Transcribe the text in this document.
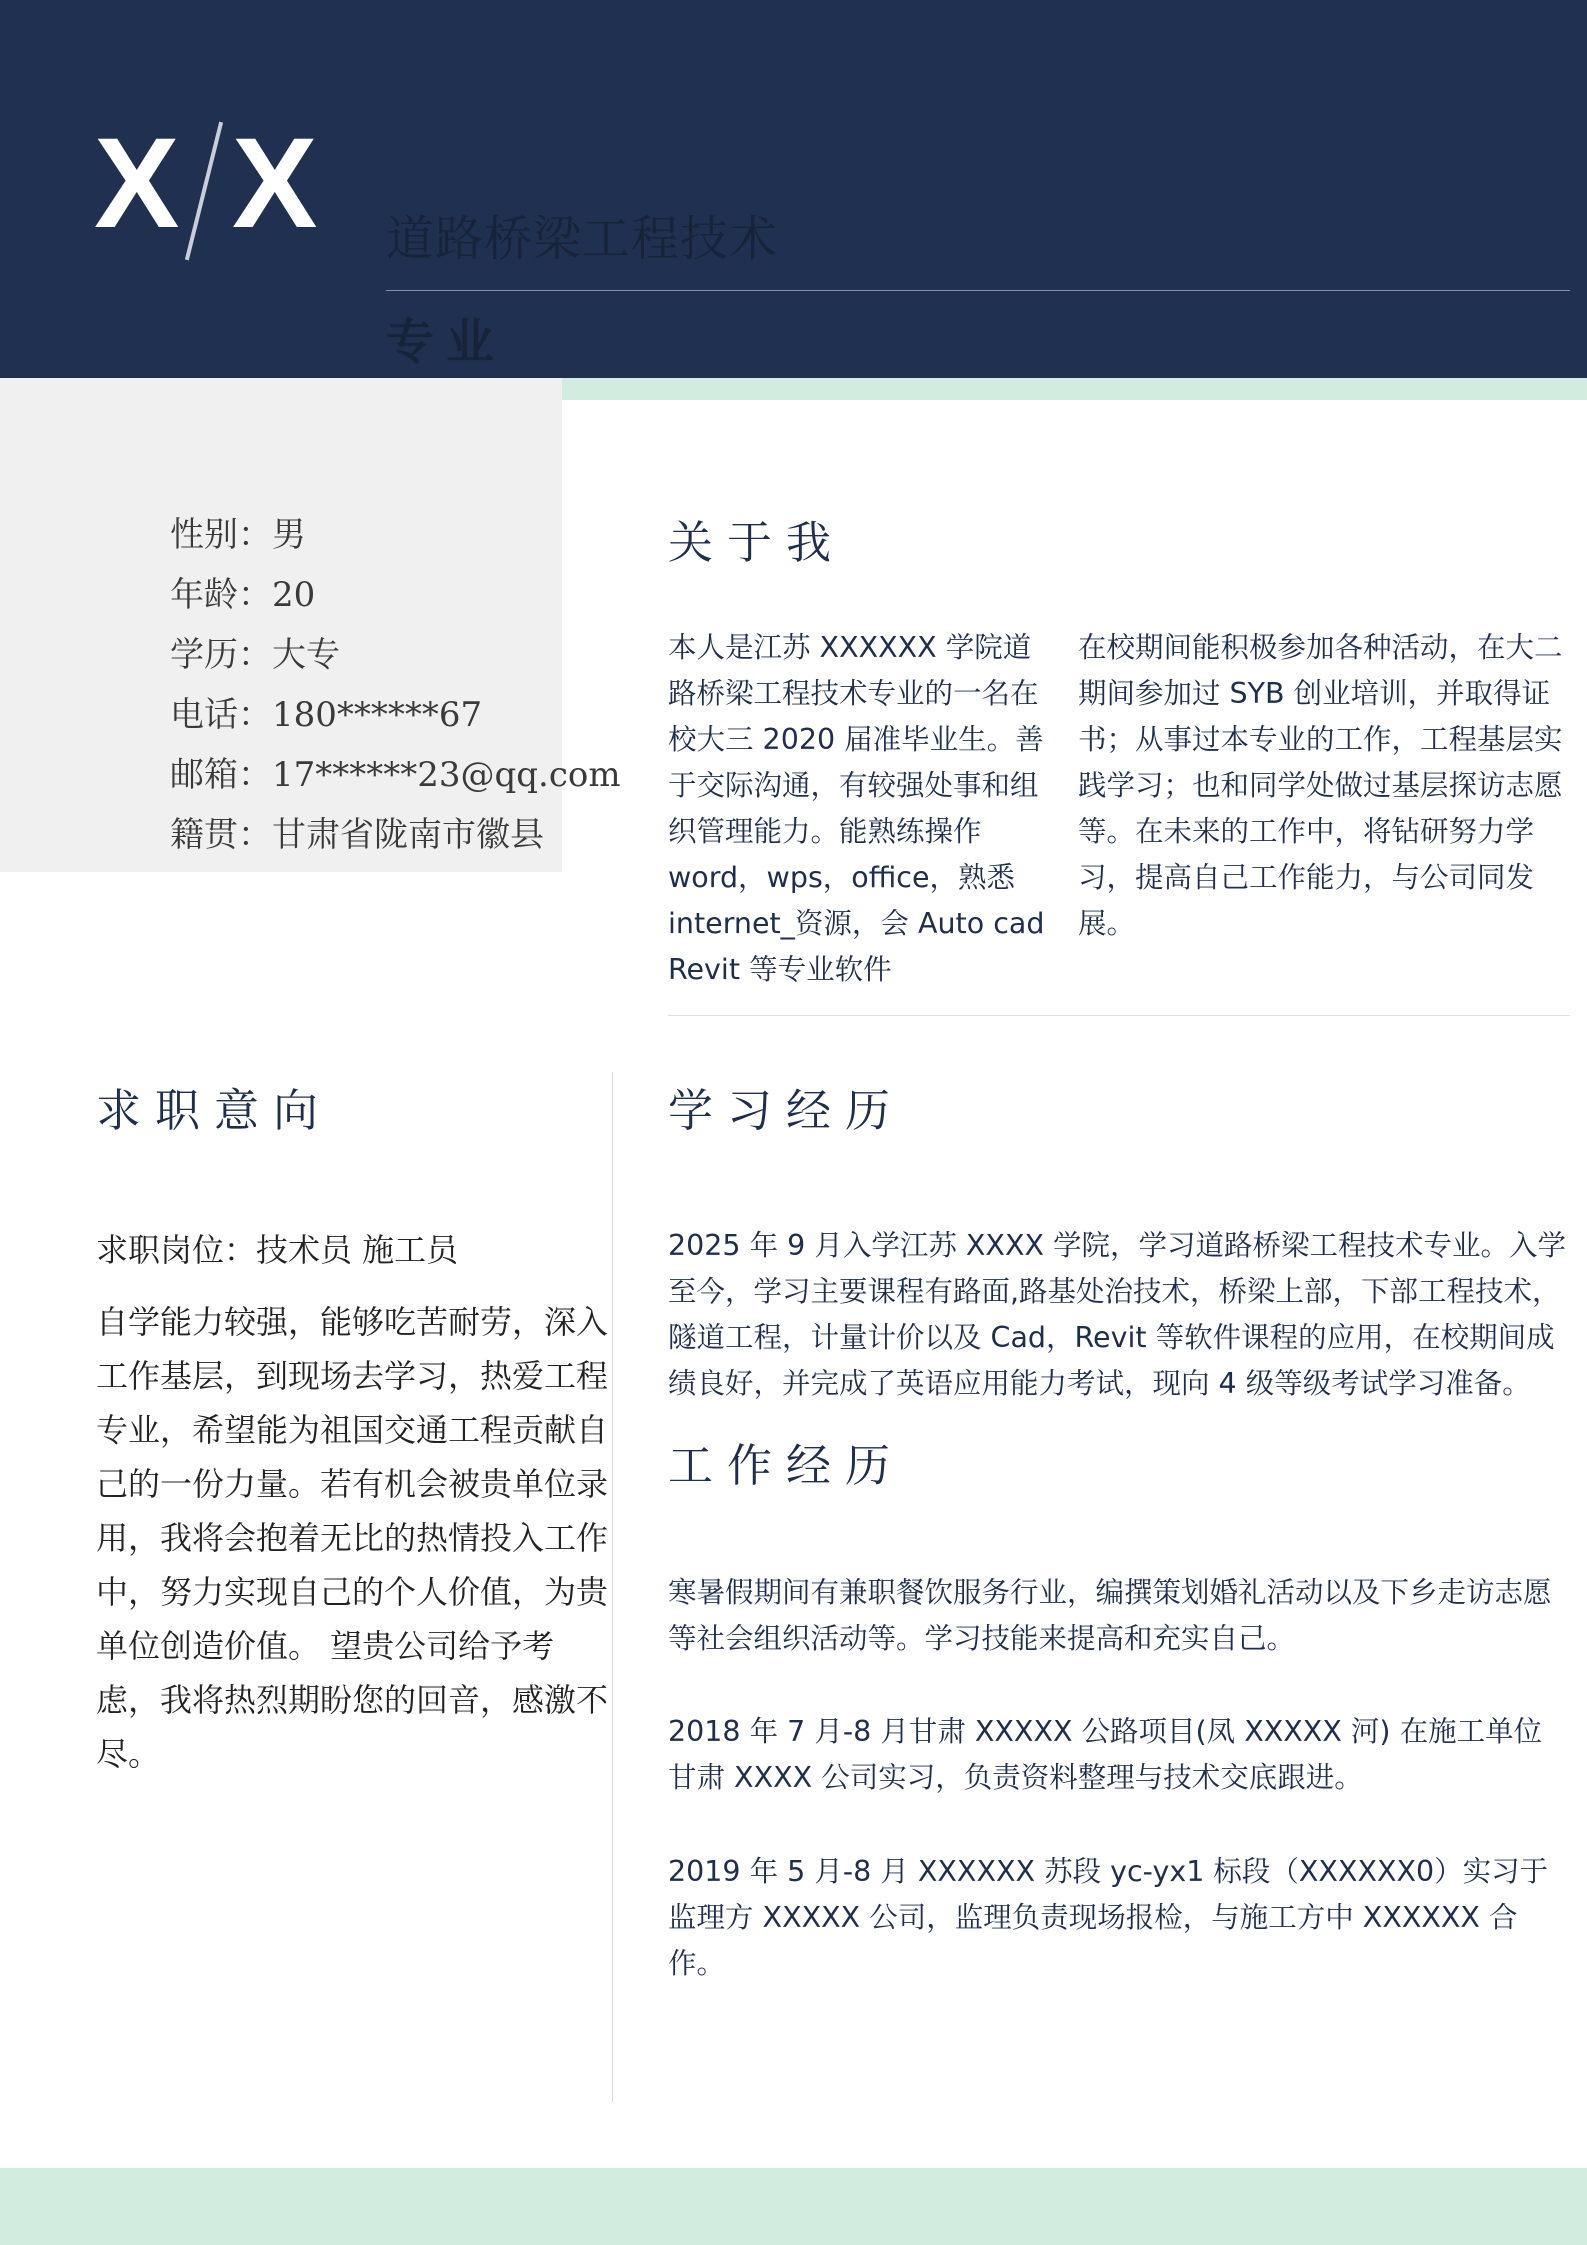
X X 道路桥梁工程技术
专业
性别：男
年龄：20
学历：大专
电话：180******67
邮箱：17******23@qq.com
籍贯：甘肃省陇南市徽县
关于我

本人是江苏 XXXXXX 学院道路桥梁工程技术专业的一名在校大三 2020 届准毕业生。善于交际沟通，有较强处事和组织管理能力。能熟练操作 word，wps，office，熟悉 internet_资源，会 Auto cad Revit 等专业软件

在校期间能积极参加各种活动，在大二期间参加过 SYB 创业培训，并取得证书；从事过本专业的工作，工程基层实践学习；也和同学处做过基层探访志愿等。在未来的工作中，将钻研努力学习，提高自己工作能力，与公司同发展。

求职意向
求职岗位：技术员 施工员

自学能力较强，能够吃苦耐劳，深入工作基层，到现场去学习，热爱工程专业，希望能为祖国交通工程贡献自己的一份力量。若有机会被贵单位录用，我将会抱着无比的热情投入工作中，努力实现自己的个人价值，为贵单位创造价值。 望贵公司给予考虑，我将热烈期盼您的回音，感激不尽。

学习经历

2025 年 9 月入学江苏 XXXX 学院，学习道路桥梁工程技术专业。入学至今，学习主要课程有路面,路基处治技术，桥梁上部，下部工程技术，隧道工程，计量计价以及 Cad，Revit 等软件课程的应用，在校期间成绩良好，并完成了英语应用能力考试，现向 4 级等级考试学习准备。

工作经历

寒暑假期间有兼职餐饮服务行业，编撰策划婚礼活动以及下乡走访志愿等社会组织活动等。学习技能来提高和充实自己。

2018 年 7 月-8 月甘肃 XXXXX 公路项目(凤 XXXXX 河) 在施工单位甘肃 XXXX 公司实习，负责资料整理与技术交底跟进。

2019 年 5 月-8 月 XXXXXX 苏段 yc-yx1 标段（XXXXXX0）实习于监理方 XXXXX 公司，监理负责现场报检，与施工方中 XXXXXX 合作。
